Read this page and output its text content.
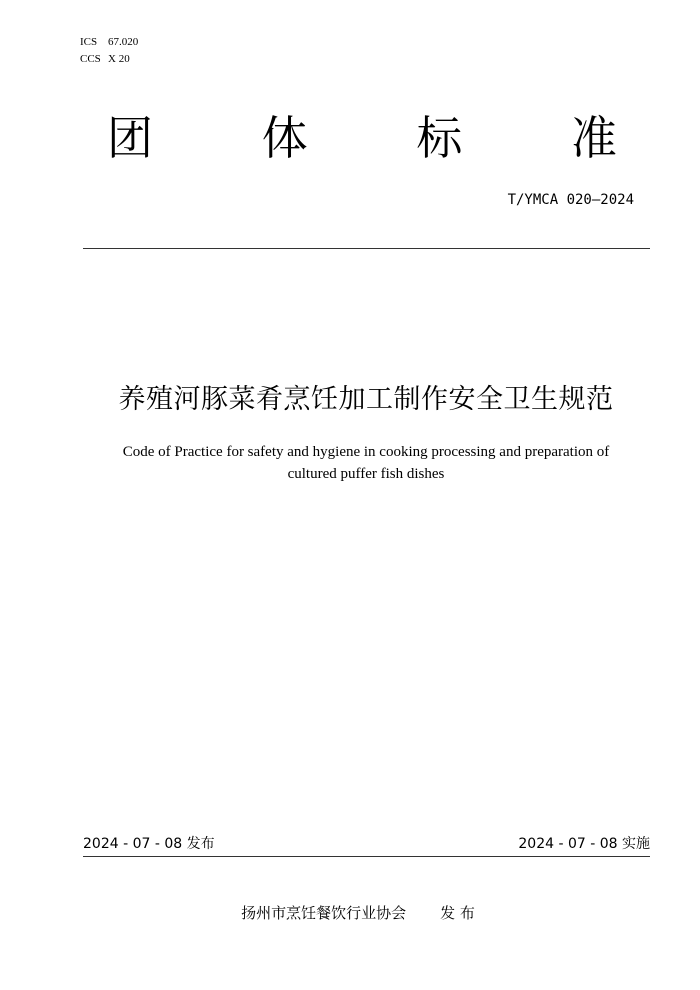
ICS 67.020
CCS X 20
团	体	标	准
T/YMCA 020—2024
养殖河豚菜肴烹饪加工制作安全卫生规范
Code of Practice for safety and hygiene in cooking processing and preparation of
cultured puffer fish dishes
2024 - 07 - 08 发布	2024 - 07 - 08 实施
扬州市烹饪餐饮行业协会 发 布
